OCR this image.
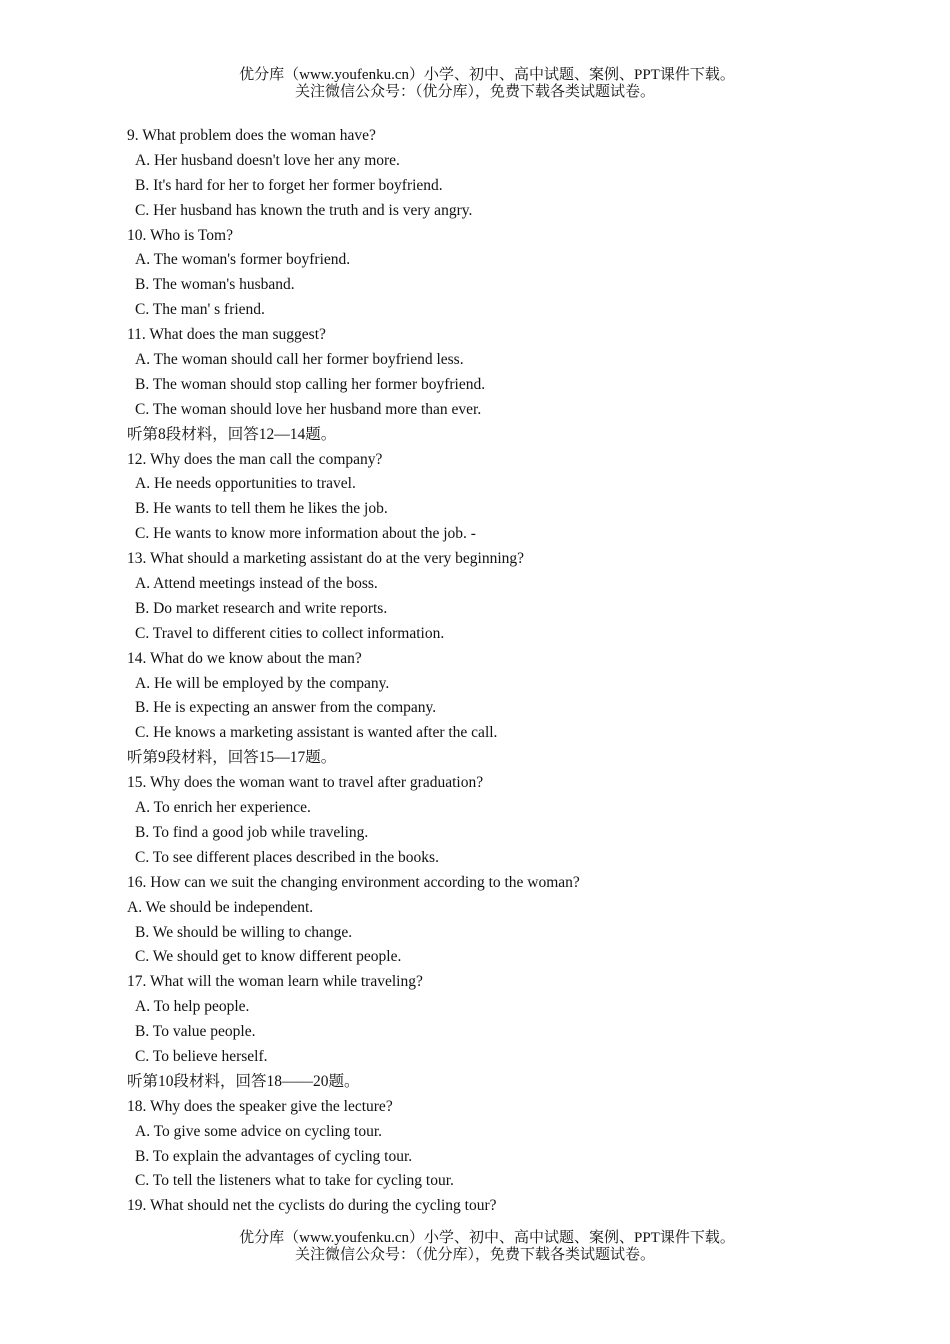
优分库（www.youfenku.cn）小学、初中、高中试题、案例、PPT课件下载。
关注微信公众号：（优分库），免费下载各类试题试卷。
9. What problem does the woman have?
A. Her husband doesn't love her any more.
B. It's hard for her to forget her former boyfriend.
C. Her husband has known the truth and is very angry.
10. Who is Tom?
A. The woman's former boyfriend.
B. The woman's husband.
C. The man' s friend.
11. What does the man suggest?
A. The woman should call her former boyfriend less.
B. The woman should stop calling her former boyfriend.
C. The woman should love her husband more than ever.
听第8段材料，回答12—14题。
12. Why does the man call the company?
A. He needs opportunities to travel.
B. He wants to tell them he likes the job.
C. He wants to know more information about the job. -
13. What should a marketing assistant do at the very beginning?
A. Attend meetings instead of the boss.
B. Do market research and write reports.
C. Travel to different cities to collect information.
14. What do we know about the man?
A. He will be employed by the company.
B. He is expecting an answer from the company.
C. He knows a marketing assistant is wanted after the call.
听第9段材料，回答15—17题。
15. Why does the woman want to travel after graduation?
A. To enrich her experience.
B. To find a good job while traveling.
C. To see different places described in the books.
16. How can we suit the changing environment according to the woman?
A. We should be independent.
B. We should be willing to change.
C. We should get to know different people.
17. What will the woman learn while traveling?
A. To help people.
B. To value people.
C. To believe herself.
听第10段材料，回答18——20题。
18. Why does the speaker give the lecture?
A. To give some advice on cycling tour.
B. To explain the advantages of cycling tour.
C. To tell the listeners what to take for cycling tour.
19. What should net the cyclists do during the cycling tour?
优分库（www.youfenku.cn）小学、初中、高中试题、案例、PPT课件下载。
关注微信公众号：（优分库），免费下载各类试题试卷。
